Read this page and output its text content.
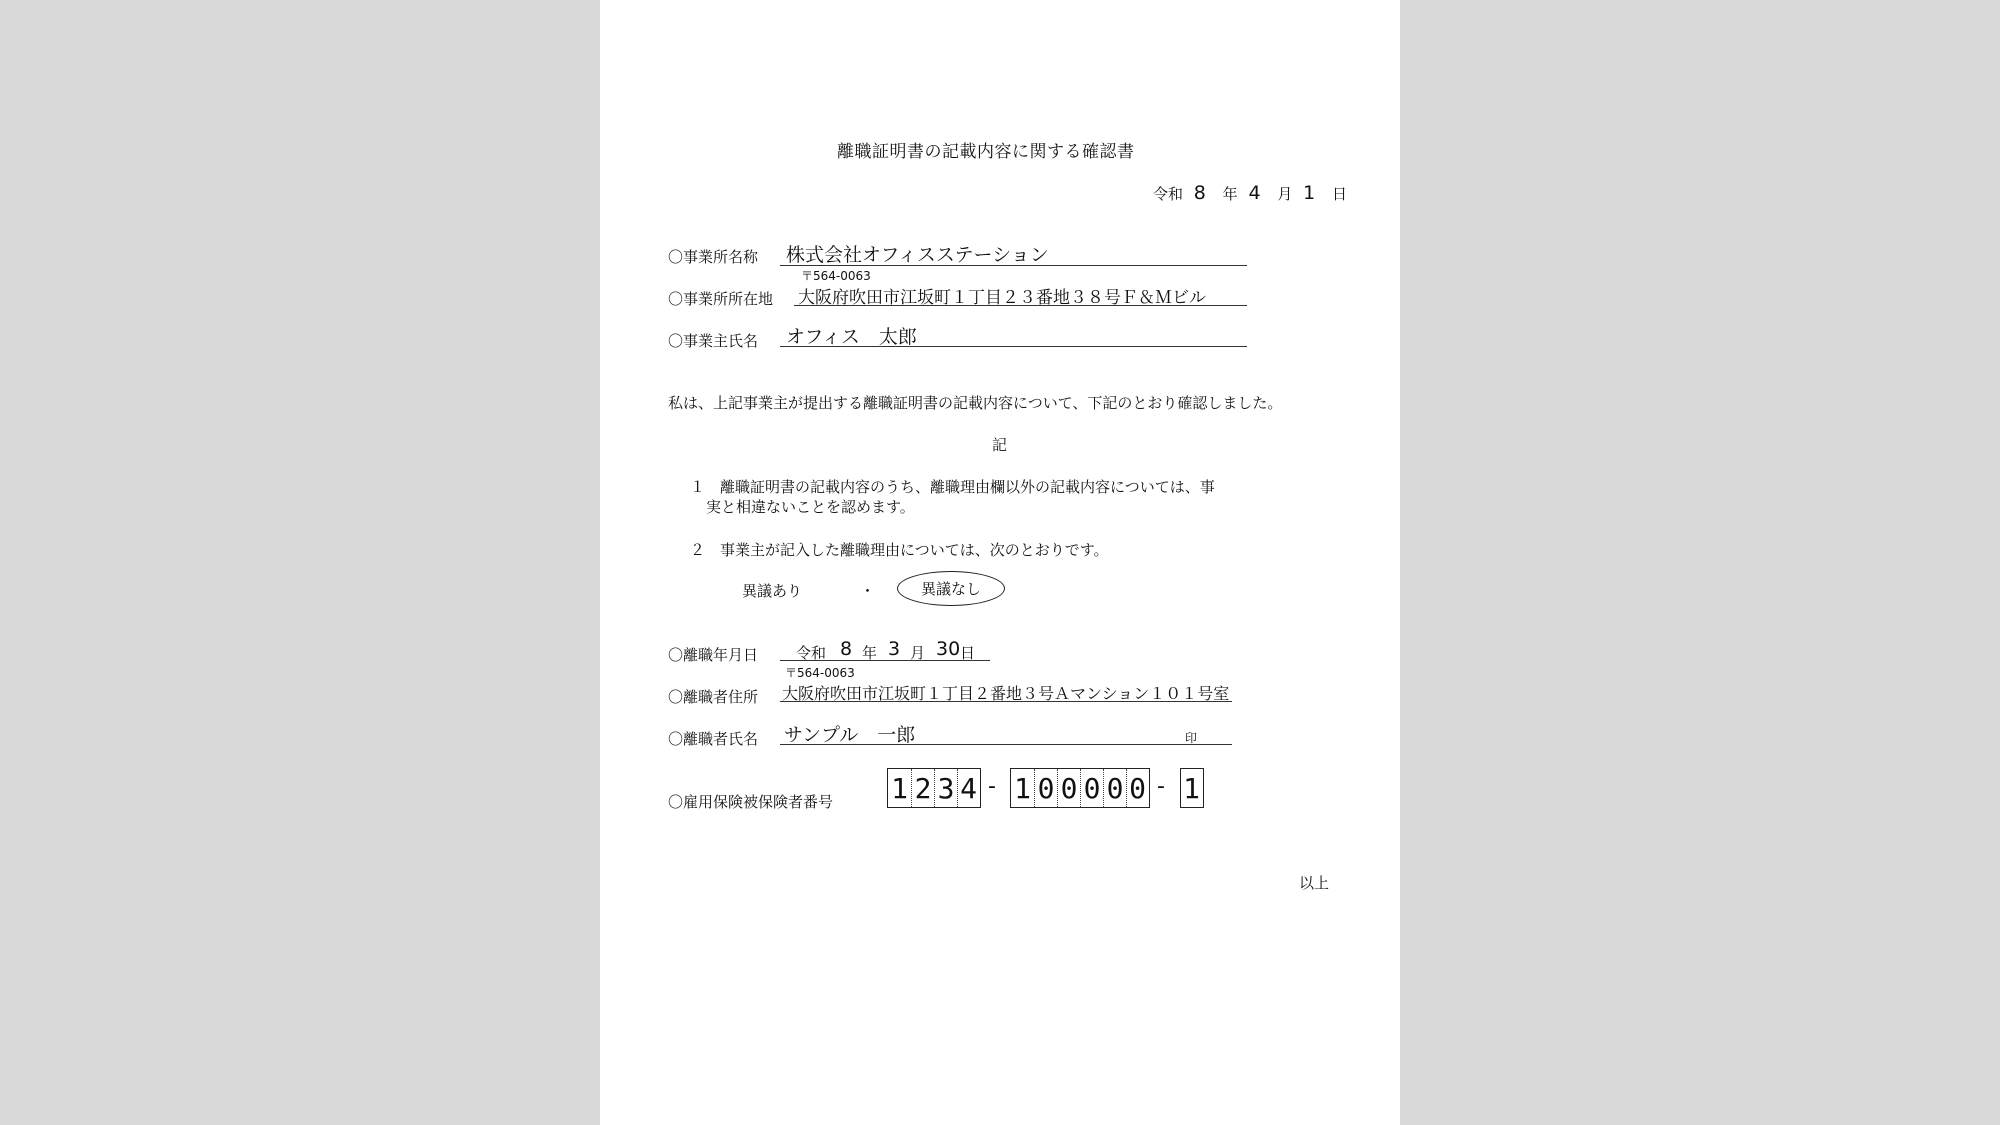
離職証明書の記載内容に関する確認書
令和 8 年 4 月 1 日
〇事業所名称 株式会社オフィスステーション
〒564-0063
〇事業所所在地 大阪府吹田市江坂町１丁目２３番地３８号Ｆ＆Ｍビル
〇事業主氏名 オフィス　太郎
私は、上記事業主が提出する離職証明書の記載内容について、下記のとおり確認しました。
記
１　離職証明書の記載内容のうち、離職理由欄以外の記載内容については、事
実と相違ないことを認めます。
２　事業主が記入した離職理由については、次のとおりです。
異議あり	・	異議なし
〇離職年月日	令和 8 年 3 月 30 日
〒564-0063
〇離職者住所 大阪府吹田市江坂町１丁目２番地３号Ａマンション１０１号室
〇離職者氏名 サンプル　一郎	印
〇雇用保険被保険者番号 1 2 3 4 - 1 0 0 0 0 0 - 1
以上
